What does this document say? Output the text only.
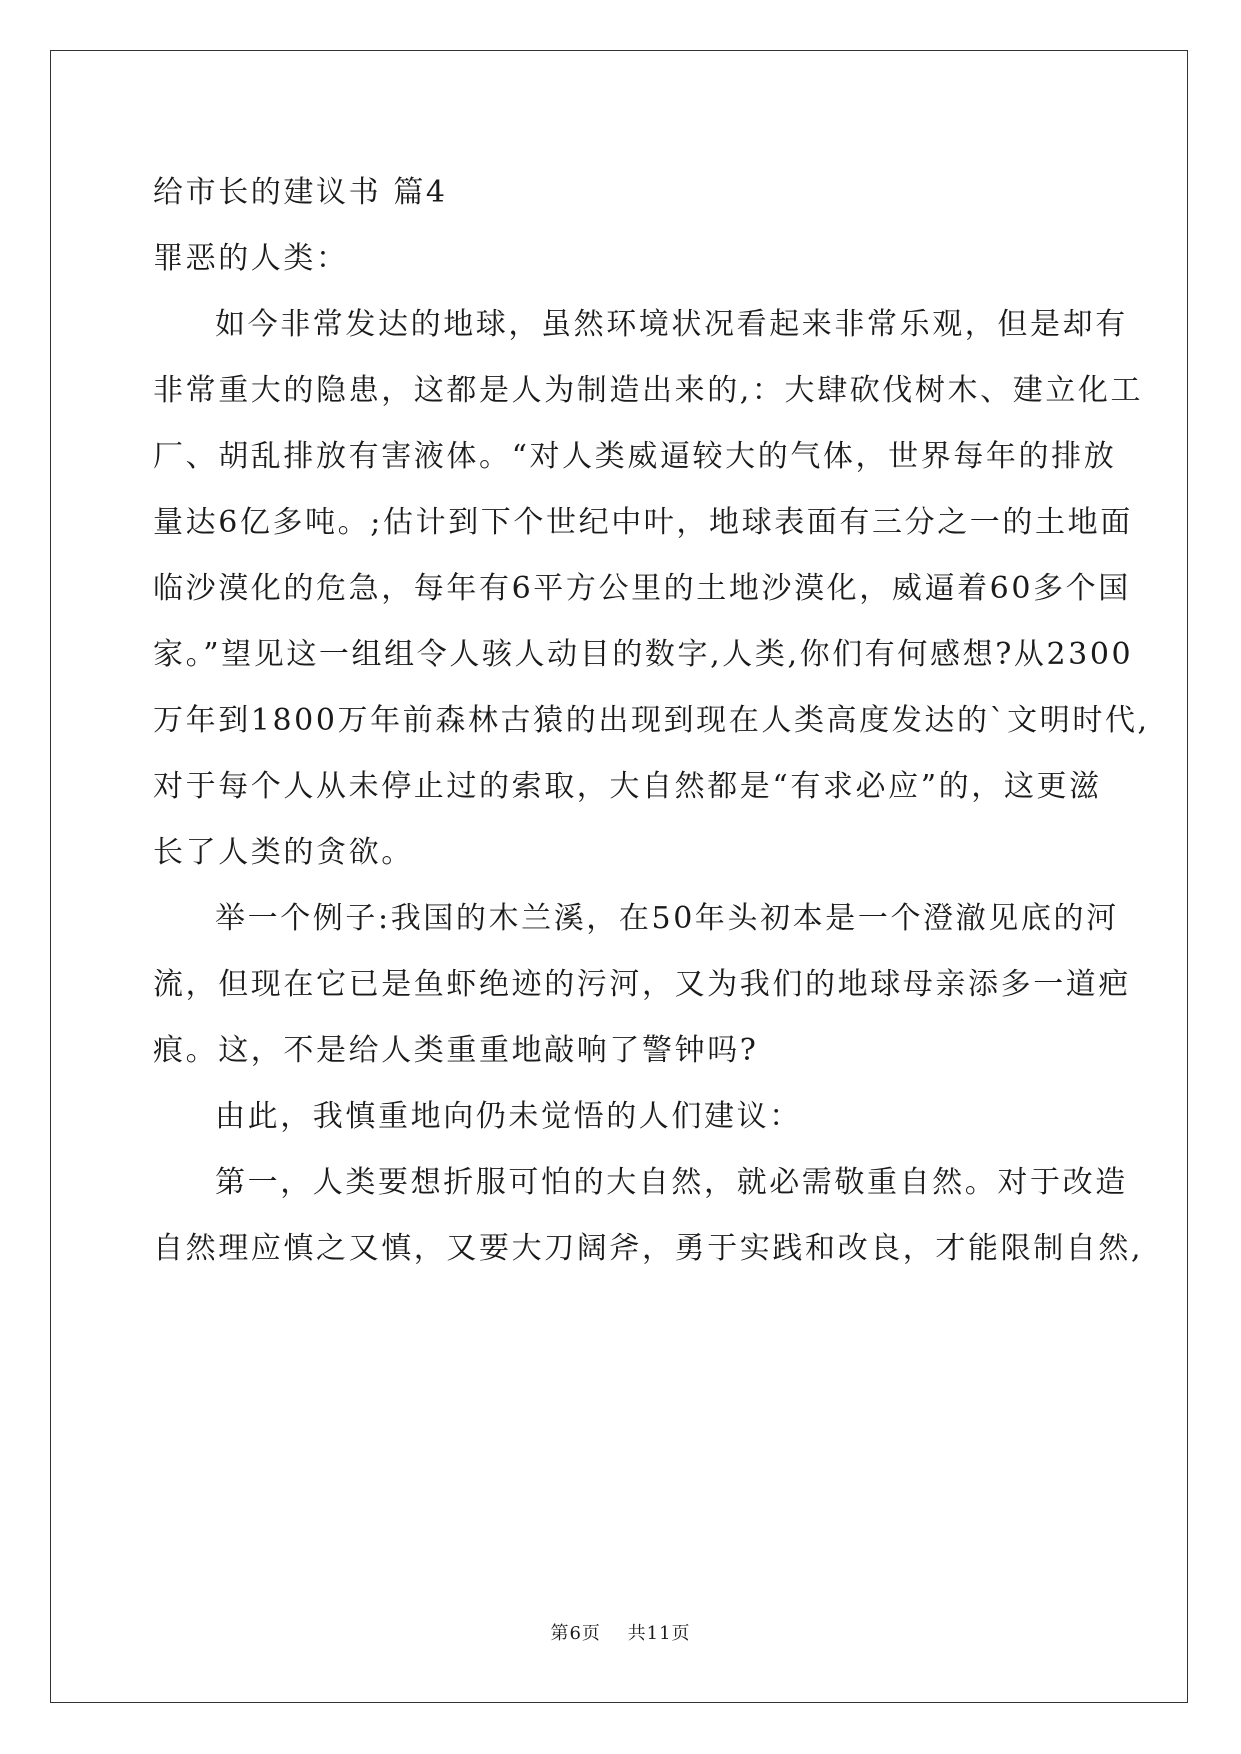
给市长的建议书 篇4
罪恶的人类：
如今非常发达的地球，虽然环境状况看起来非常乐观，但是却有
非常重大的隐患，这都是人为制造出来的,：大肆砍伐树木、建立化工
厂、胡乱排放有害液体。“对人类威逼较大的气体，世界每年的排放
量达6亿多吨。;估计到下个世纪中叶，地球表面有三分之一的土地面
临沙漠化的危急，每年有6平方公里的土地沙漠化，威逼着60多个国
家。”望见这一组组令人骇人动目的数字,人类,你们有何感想?从2300
万年到1800万年前森林古猿的出现到现在人类高度发达的`文明时代,
对于每个人从未停止过的索取，大自然都是“有求必应”的，这更滋
长了人类的贪欲。
举一个例子:我国的木兰溪，在50年头初本是一个澄澈见底的河
流，但现在它已是鱼虾绝迹的污河，又为我们的地球母亲添多一道疤
痕。这，不是给人类重重地敲响了警钟吗?
由此，我慎重地向仍未觉悟的人们建议：
第一，人类要想折服可怕的大自然，就必需敬重自然。对于改造
自然理应慎之又慎，又要大刀阔斧，勇于实践和改良，才能限制自然,
第6页 共11页
